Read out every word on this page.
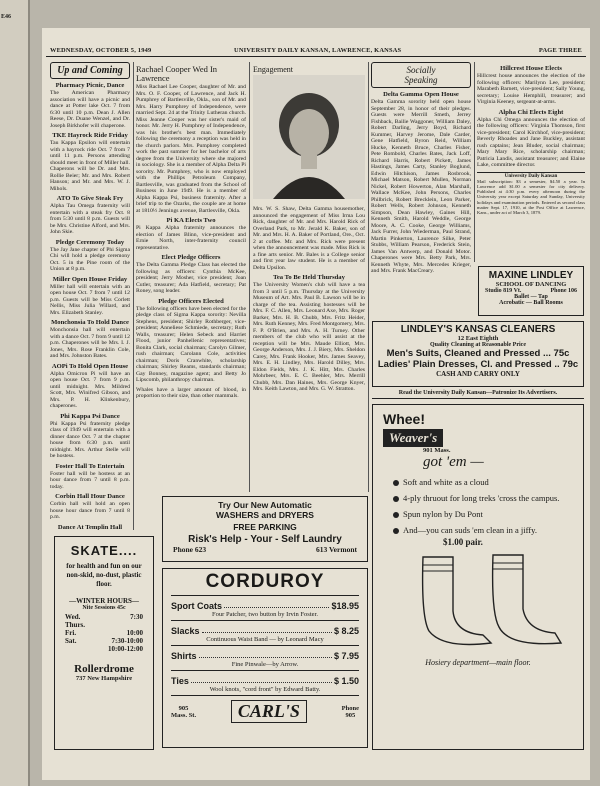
E46
WEDNESDAY, OCTOBER 5, 1949	UNIVERSITY DAILY KANSAN, LAWRENCE, KANSAS	PAGE THREE
Up and Coming
Pharmacy Picnic, Dance
The American Pharmacy association will have a picnic and dance at Potter lake Oct. 7 from 6:30 until 10 p.m. Dean J. Allen Reese, Dr. Duane Wenzel, and Dr. Joseph Birkhofer will chaperone.
TKE Hayrock Ride Friday
Tau Kappa Epsilon will entertain with a hayrock ride Oct. 7 from 7 until 11 p.m. Persons attending should meet in front of Miller hall. Chaperons will be Dr. and Mrs. Rollie Beier; Mr. and Mrs. Robert Hanson; and Mr. and Mrs. W. J. Mihols.
ATO To Give Steak Fry
Alpha Tau Omega fraternity will entertain with a steak fry Oct. 8 from 5:30 until 8 p.m. Guests will be Mrs. Christine Alford, and Mrs. John Skie.
Pledge Ceremony Today
The Jay Jane chapter of Phi Sigma Chi will hold a pledge ceremony Oct. 5 in the Pine room of the Union at 8 p.m.
Miller Open House Friday
Miller hall will entertain with an open house Oct. 7 from 7 until 12 p.m. Guests will be Miss Corlett Nellis, Miss Julia Willard, and Mrs. Elizabeth Stanley.
Monchonsia To Hold Dance
Monchonsia hall will entertain with a dance Oct. 7 from 9 until 12 p.m. Chaperones will be Mrs. I. J. Jones, Mrs. Rose Franklin Cole, and Mrs. Johnston Bates.
AOPi To Hold Open House
Alpha Omicron Pi will have an open house Oct. 7 from 9 p.m. until midnight. Mrs. Mildred Scott, Mrs. Winifred Gibson, and Mrs. P. H. Klinkenbury, chaperones.
Phi Kappa Psi Dance
Phi Kappa Psi fraternity pledge class of 1949 will entertain with a dinner dance Oct. 7 at the chapter house from 6:30 p.m. until midnight. Mrs. Arthur Stelle will be hostess.
Foster Hall To Entertain
Foster hall will be hostess at an hour dance from 7 until 8 p.m. today.
Corbin Hall Hour Dance
Corbin hall will hold an open house hour dance from 7 until 8 p.m.
Dance At Templin Hall
Rachael Cooper Wed In Lawrence
Miss Rachael Lee Cooper, daughter of Mr. and Mrs. O. F. Cooper, of Lawrence, and Jack H. Pumphrey of Bartlesville, Okla., son of Mr. and Mrs. Harry Pumphrey of Independence, were married Sept. 24 at the Trinity Lutheran church. Miss Jeanne Cooper was her sister's maid of honor. Mr. Jerry H. Pumphrey of Independence, was his brother's best man. Immediately following the ceremony a reception was held in the church parlors. Mrs. Pumphrey completed work the past summer for her bachelor of arts degree from the University where she majored in sociology. She is a member of Alpha Delta Pi sorority. Mr. Pumphrey, who is now employed with the Phillips Petroleum Company, Bartlesville, was graduated from the School of Business in June 1949. He is a member of Alpha Kappa Psi, business fraternity. After a brief trip to the Ozarks, the couple are at home at 1810½ Jennings avenue, Bartlesville, Okla.
Pi KA Elects Two
Pi Kappa Alpha fraternity announces the election of James Blinn, vice-president and Ernie North, inter-fraternity council representative.
Elect Pledge Officers
The Delta Gamma Pledge Class has elected the following as officers: Cynthia McKee, president; Jerry Mosher, vice president; Joan Cutler, treasurer; Ada Hatfield, secretary; Pat Roney, song leader.
Pledge Officers Elected
The following officers have been elected for the pledge class of Sigma Kappa sorority: Nevilla Stephens, president; Shirley Rothberger, vice-president; Anneliese Schmiede, secretary; Ruth Walls, treasurer; Helen Sebeck and Harriet Flood, junior Panhellenic representatives; Bonita Clark, social chairman; Carolyn Gilmer, rush chairman; Carolann Cole, activities chairman; Doris Cranwhite, scholarship chairman; Shirley Reams, standards chairman; Gay Bonney, magazine agent; and Betty Jo Lipscomb, philanthropy chairman.
Whales have a larger amount of blood, in proportion to their size, than other mammals.
Engagement
Mrs. W. S. Shaw, Delta Gamma housemother, announced the engagement of Miss Irma Lou Rick, daughter of Mr. and Mrs. Harold Rick of Overland Park, to Mr. Jerald K. Baker, son of Mr. and Mrs. H. A. Baker of Portland, Ore., Oct. 2 at coffee. Mr. and Mrs. Rick were present when the announcement was made. Miss Rick is a fine arts senior. Mr. Bales is a College senior and first year law student. He is a member of Delta Upsilon.
Tea To Be Held Thursday
The University Women's club will have a tea from 3 until 5 p.m. Thursday at the University Museum of Art. Mrs. Paul B. Lawson will be in charge of the tea. Assisting hostesses will be Mrs. F. C. Allen, Mrs. Leonard Axe, Mrs. Roger Barker, Mrs. H. B. Chubb, Mrs. Fritz Heider, Mrs. Ruth Kenney, Mrs. Fred Montgomery, Mrs. F. P. O'Brien, and Mrs. A. H. Turney. Other members of the club who will assist at the reception will be Mrs. Maude Elliott, Mrs. George Anderson, Mrs. J. J. Biery, Mrs. Sheldon Carey, Mrs. Frank Hooker, Mrs. James Seavey, Mrs. E. H. Lindley, Mrs. Harold Dilley, Mrs. Eldon Fields, Mrs. J. K. Hitt, Mrs. Charles Mohrbeer, Mrs. E. C. Beehler, Mrs. Merrill Chubb, Mrs. Dan Haines, Mrs. George Knyer, Mrs. Keith Lawton, and Mrs. G. W. Stratton.
Socially
Speaking
Delta Gamma Open House
Delta Gamma sorority held open house September 28, in honor of their pledges. Guests were Merrill Smeth, Jerrey Fishback, Bailie Waggoner, William Daley, Robert Darling, Jerry Boyd, Richard Kummer, Harvey Jerome, Dale Carder, Gene Hatfield, Byron Reid, William Hucke, Kenneth Bruce, Charles Fisher, Pete Rombold, Charles Bates, Jack Loff, Richard Harris, Robert Pickett, James Hastings, James Carty, Stanley Boglund, Edwin Hitchison, James Rosbrook, Michael Matson, Robert Mullen, Norman Nickel, Robert Howerton, Alan Marshall, Wallace McKee, John Persons, Charles Philbrick, Robert Brecklein, Leon Parker, Robert Wells, Robert Johnson, Kenneth Simpson, Dean Hawley, Gaines Hill, Kenneth Smith, Harold Weddle, George Moore, A. C. Cooke, George Williams, Jack Furrer, John Wiederman, Paul Strand, Martin Pinkerton, Laurence Silke, Peter Stubbs, William Pearson, Frederick Stein, James Van Antwerp, and Donald Motor. Chaperones were Mrs. Betty Park, Mrs. Kenneth Whyte, Mrs. Mercedes Krieger, and Mrs. Frank MacCreary.
Hillcrest House Elects
Hillcrest house announces the election of the following officers: Marilynn Lee, president; Marabeth Barnett, vice-president; Sally Young, secretary; Louise Hemphill, treasurer; and Virginia Keeney, sergeant-at-arms.
Alpha Chi Elects Eight
Alpha Chi Omega announces the election of the following officers: Virginia Thomson, first vice-president; Carol Kirchhof, vice-president; Beverly Rhoades and Jane Buckley, assistant rush captains; Jean Bluder, social chairman; Mary Mary Rice, scholarship chairman; Patricia Landis, assistant treasurer; and Elaine Lake, committee director.
University Daily Kansan
Mail subscription: $3 a semester, $4.50 a year. In Lawrence add $1.00 a semester for city delivery. Published at 4:30 p.m. every afternoon during the University year except Saturday and Sunday, University holidays and examination periods. Entered as second class matter Sept. 17, 1910, at the Post Office at Lawrence, Kans., under act of March 3, 1879.
MAXINE LINDLEY
SCHOOL OF DANCING
Studio 819 Vt.	Phone 106
Ballet — Tap
Acrobatic — Ball Rooms
LINDLEY'S KANSAS CLEANERS
12 East Eighth
Quality Cleaning at Reasonable Price
Men's Suits, Cleaned and Pressed ... 75c
Ladies' Plain Dresses, Cl. and Pressed .. 79c
CASH AND CARRY ONLY
Read the University Daily Kansan—Patronize Its Advertisers.
Try Our New Automatic
WASHERS and DRYERS
FREE PARKING
Risk's Help - Your - Self Laundry
Phone 623	613 Vermont
SKATE....
for health and fun on our non-skid, no-dust, plastic floor.
—WINTER HOURS—
Nite Sessions 45c
Wed.	7:30
Thurs.
Fri.	10:00
Sat.	7:30-10:00
10:00-12:00
Rollerdrome
737 New Hampshire
CORDUROY
Sport Coats	$18.95
Four Patcher, two button by Irvin Foster.
Slacks	$ 8.25
Continuous Waist Band — by Leonard Macy
Shirts	$ 7.95
Fine Pinwale—by Arrow.
Ties	$ 1.50
Wool knots, "cord front" by Edward Batty.
905
Mass. St.	CARL'S	Phone
905
Whee!
Weaver's
901 Mass.
got 'em —
Soft and white as a cloud
4-ply thruout for long treks 'cross the campus.
Spun nylon by Du Pont
And—you can suds 'em clean in a jiffy.
$1.00 pair.
Hosiery department—main floor.
